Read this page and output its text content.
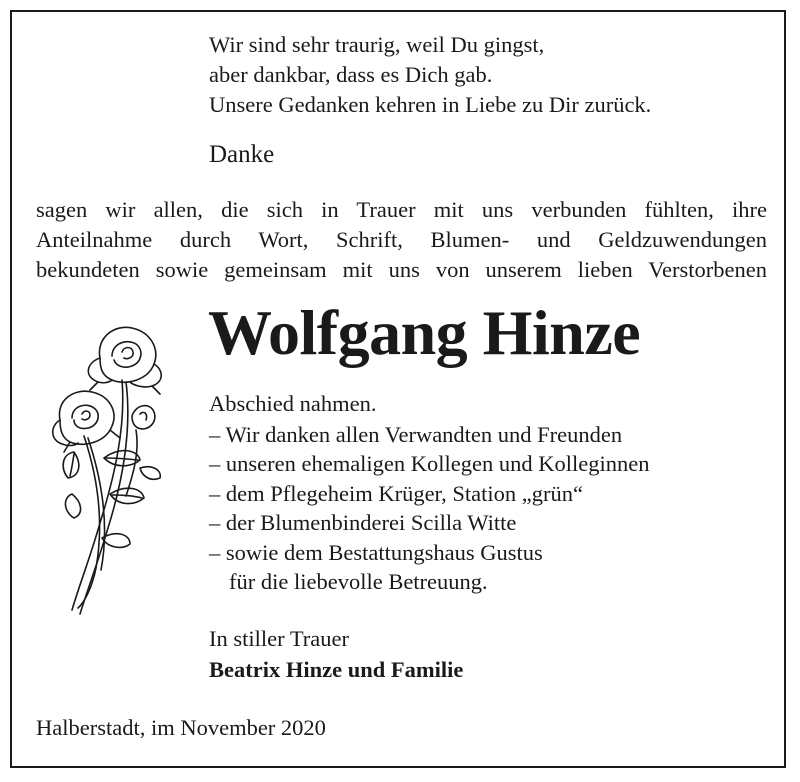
Wir sind sehr traurig, weil Du gingst,

aber dankbar, dass es Dich gab.

Unsere Gedanken kehren in Liebe zu Dir zurück.

Danke

sagen wir allen, die sich in Trauer mit uns verbunden fühlten, ihre
Anteilnahme durch Wort, Schrift, Blumen- und Geldzuwendungen
bekundeten sowie gemeinsam mit uns von unserem lieben Verstorbenen

Wolfgang Hinze

Abschied nahmen.

– Wir danken allen Verwandten und Freunden

– unseren ehemaligen Kollegen und Kolleginnen

– dem Pflegeheim Krüger, Station „grün“

– der Blumenbinderei Scilla Witte

– sowie dem Bestattungshaus Gustus

für die liebevolle Betreuung.

In stiller Trauer

Beatrix Hinze und Familie

Halberstadt, im November 2020
